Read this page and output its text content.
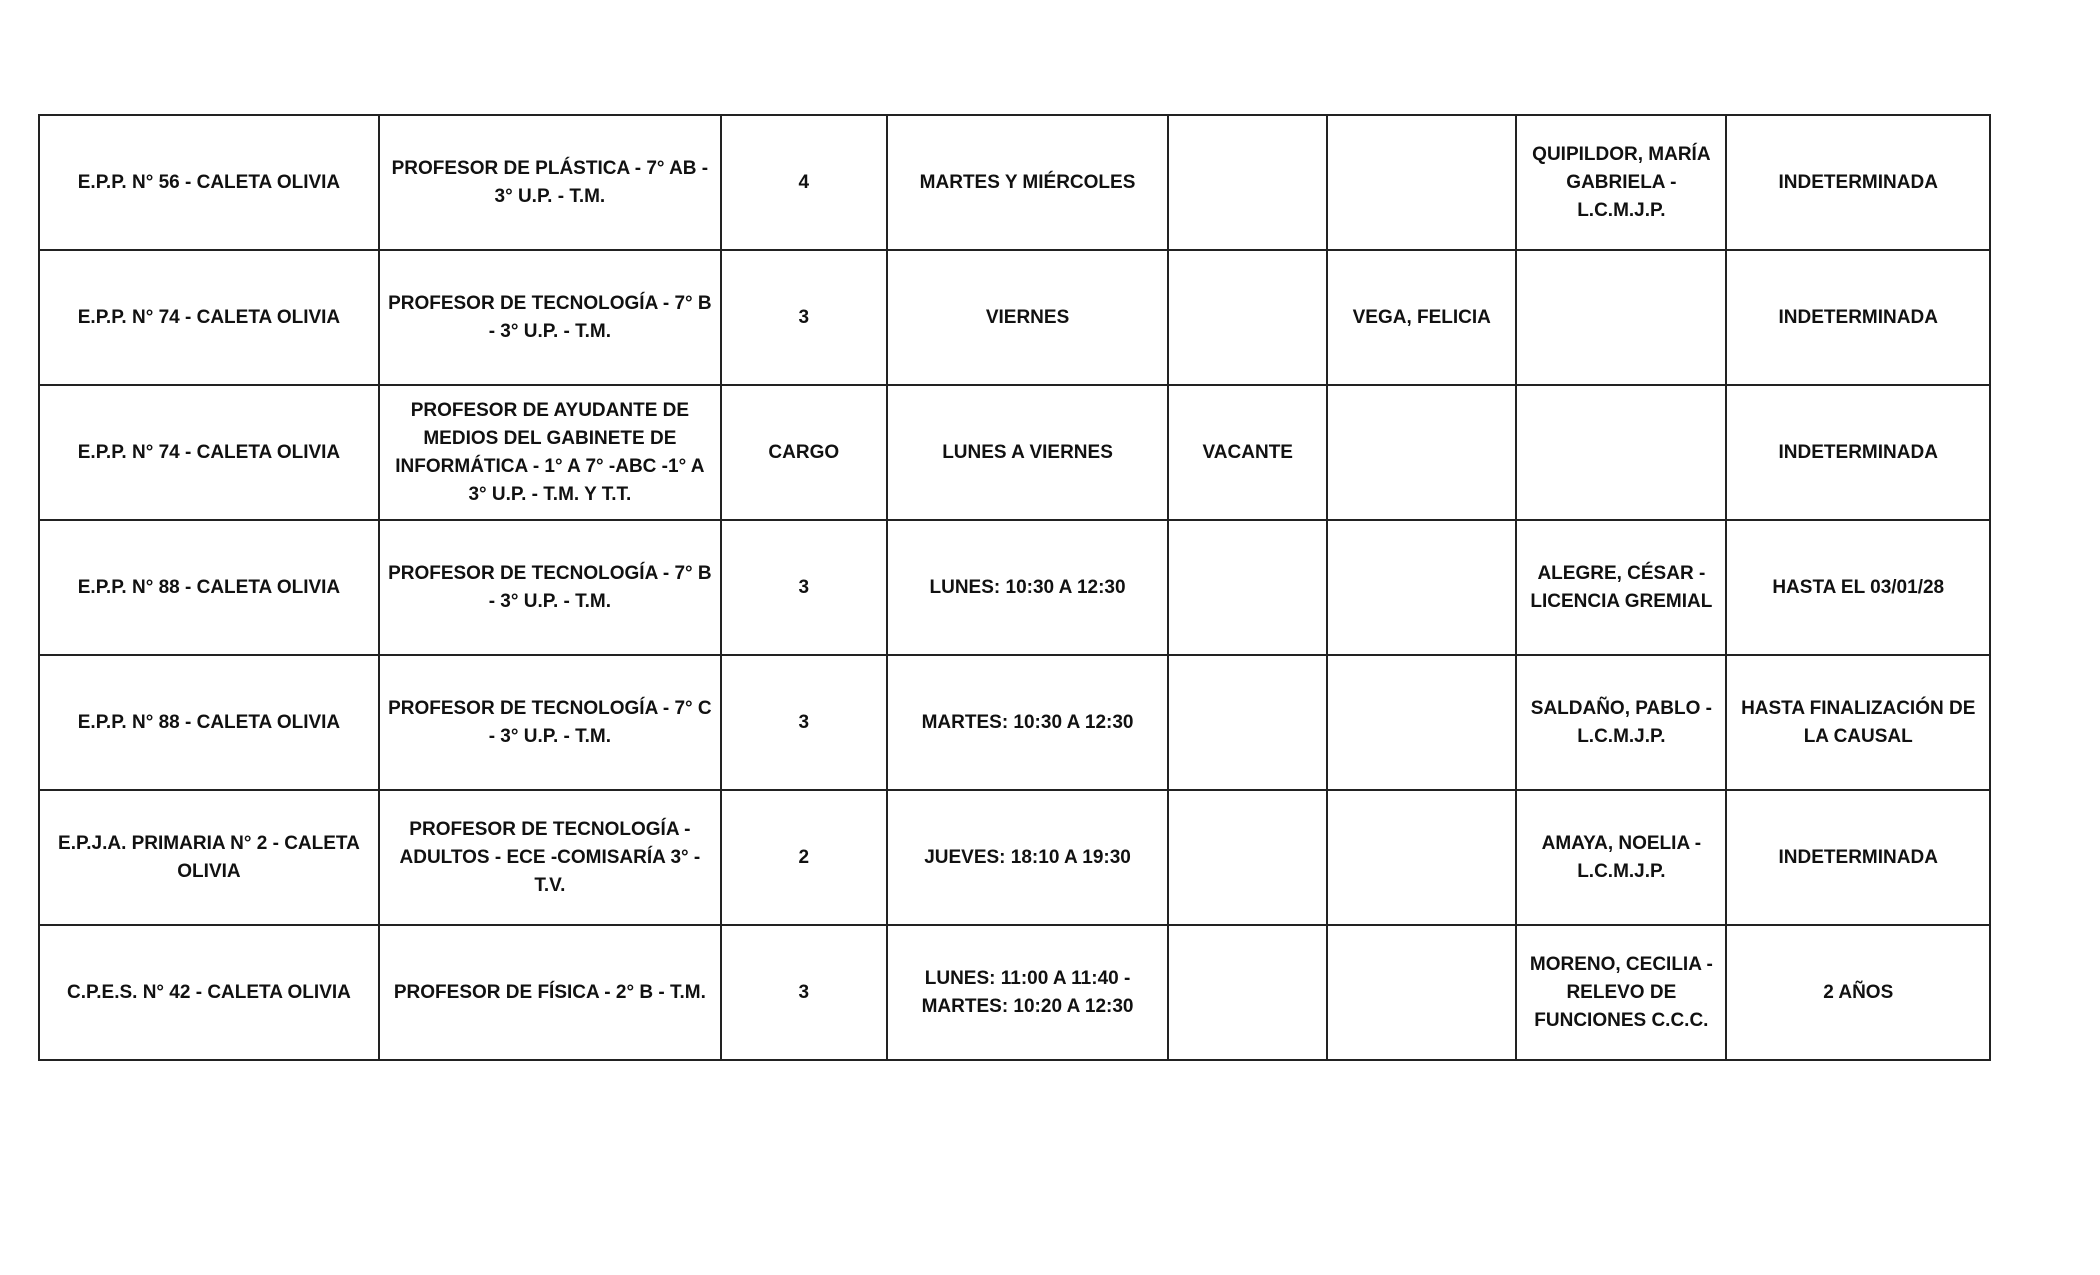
E.P.P. N° 56 - CALETA OLIVIA	PROFESOR DE PLÁSTICA - 7° AB - 3° U.P. - T.M.	4	MARTES Y MIÉRCOLES			QUIPILDOR, MARÍA GABRIELA - L.C.M.J.P.	INDETERMINADA
E.P.P. N° 74 - CALETA OLIVIA	PROFESOR DE TECNOLOGÍA - 7° B - 3° U.P. - T.M.	3	VIERNES		VEGA, FELICIA		INDETERMINADA
E.P.P. N° 74 - CALETA OLIVIA	PROFESOR DE AYUDANTE DE MEDIOS DEL GABINETE DE INFORMÁTICA - 1° A 7° -ABC -1° A 3° U.P. - T.M. Y T.T.	CARGO	LUNES A VIERNES	VACANTE			INDETERMINADA
E.P.P. N° 88 - CALETA OLIVIA	PROFESOR DE TECNOLOGÍA - 7° B - 3° U.P. - T.M.	3	LUNES: 10:30 A 12:30			ALEGRE, CÉSAR - LICENCIA GREMIAL	HASTA EL 03/01/28
E.P.P. N° 88 - CALETA OLIVIA	PROFESOR DE TECNOLOGÍA - 7° C - 3° U.P. - T.M.	3	MARTES: 10:30 A 12:30			SALDAÑO, PABLO - L.C.M.J.P.	HASTA FINALIZACIÓN DE LA CAUSAL
E.P.J.A. PRIMARIA N° 2 - CALETA OLIVIA	PROFESOR DE TECNOLOGÍA - ADULTOS - ECE -COMISARÍA 3° - T.V.	2	JUEVES: 18:10 A 19:30			AMAYA, NOELIA - L.C.M.J.P.	INDETERMINADA
C.P.E.S. N° 42 - CALETA OLIVIA	PROFESOR DE FÍSICA - 2° B - T.M.	3	LUNES: 11:00 A 11:40 - MARTES: 10:20 A 12:30			MORENO, CECILIA - RELEVO DE FUNCIONES C.C.C.	2 AÑOS
